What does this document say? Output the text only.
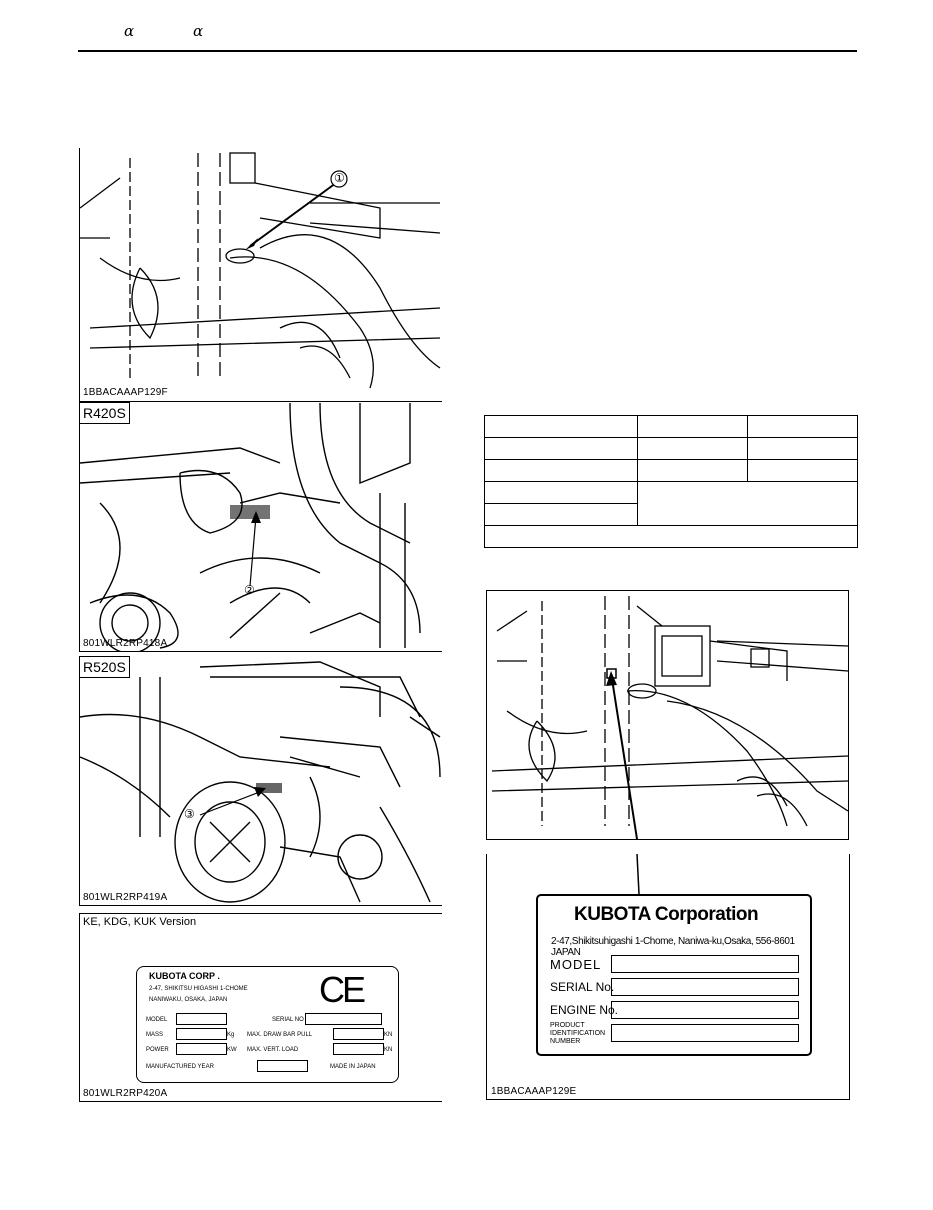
α	α
①
1BBACAAAP129F
R420S
②
801WLR2RP418A
R520S
③
801WLR2RP419A
KE, KDG, KUK Version
KUBOTA CORP .
2-47, SHIKITSU HIGASHI 1-CHOME
NANIWAKU, OSAKA, JAPAN	CE
MODEL	SERIAL NO
MASS	Kg MAX. DRAW BAR PULL	KN
POWER	KW MAX. VERT. LOAD	KN
MANUFACTURED YEAR	MADE IN JAPAN
801WLR2RP420A

KUBOTA Corporation
2-47,Shikitsuhigashi 1-Chome, Naniwa-ku,Osaka, 556-8601 JAPAN
MODEL
SERIAL No.
ENGINE No.
PRODUCT
IDENTIFICATION
NUMBER
1BBACAAAP129E
